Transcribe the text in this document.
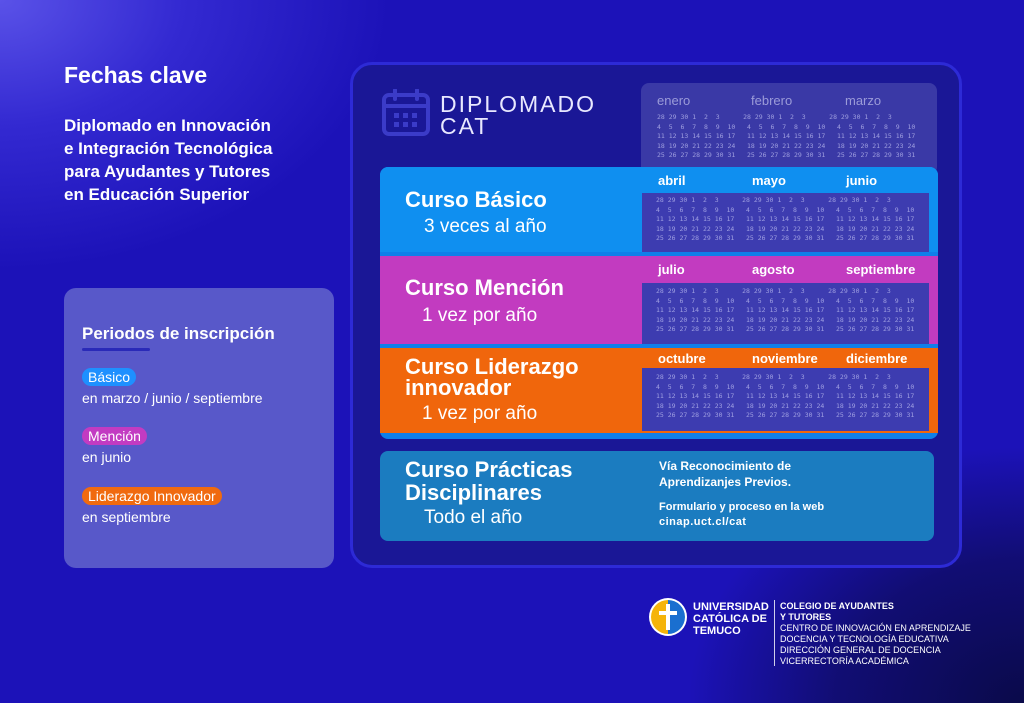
Fechas clave
Diplomado en Innovación
e Integración Tecnológica
para Ayudantes y Tutores
en Educación Superior
Periodos de inscripción
Básico
en marzo / junio / septiembre
Mención
en junio
Liderazgo Innovador
en septiembre
DIPLOMADO
CAT
enero	febrero	marzo
28 29 30 1  2  3      28 29 30 1  2  3      28 29 30 1  2  3
4  5  6  7  8  9  10   4  5  6  7  8  9  10   4  5  6  7  8  9  10
11 12 13 14 15 16 17   11 12 13 14 15 16 17   11 12 13 14 15 16 17
18 19 20 21 22 23 24   18 19 20 21 22 23 24   18 19 20 21 22 23 24
25 26 27 28 29 30 31   25 26 27 28 29 30 31   25 26 27 28 29 30 31
Curso Básico
3 veces al año
abril	mayo	junio
28 29 30 1  2  3      28 29 30 1  2  3      28 29 30 1  2  3
4  5  6  7  8  9  10   4  5  6  7  8  9  10   4  5  6  7  8  9  10
11 12 13 14 15 16 17   11 12 13 14 15 16 17   11 12 13 14 15 16 17
18 19 20 21 22 23 24   18 19 20 21 22 23 24   18 19 20 21 22 23 24
25 26 27 28 29 30 31   25 26 27 28 29 30 31   25 26 27 28 29 30 31
Curso Mención
1 vez por año
julio	agosto	septiembre
28 29 30 1  2  3      28 29 30 1  2  3      28 29 30 1  2  3
4  5  6  7  8  9  10   4  5  6  7  8  9  10   4  5  6  7  8  9  10
11 12 13 14 15 16 17   11 12 13 14 15 16 17   11 12 13 14 15 16 17
18 19 20 21 22 23 24   18 19 20 21 22 23 24   18 19 20 21 22 23 24
25 26 27 28 29 30 31   25 26 27 28 29 30 31   25 26 27 28 29 30 31
Curso Liderazgo
innovador
1 vez por año
octubre	noviembre	diciembre
28 29 30 1  2  3      28 29 30 1  2  3      28 29 30 1  2  3
4  5  6  7  8  9  10   4  5  6  7  8  9  10   4  5  6  7  8  9  10
11 12 13 14 15 16 17   11 12 13 14 15 16 17   11 12 13 14 15 16 17
18 19 20 21 22 23 24   18 19 20 21 22 23 24   18 19 20 21 22 23 24
25 26 27 28 29 30 31   25 26 27 28 29 30 31   25 26 27 28 29 30 31
Curso Prácticas
Disciplinares
Todo el año
Vía Reconocimiento de
Aprendizanjes Previos.
Formulario y proceso en la web
cinap.uct.cl/cat
UNIVERSIDAD
CATÓLICA DE
TEMUCO
COLEGIO DE AYUDANTES
Y TUTORES
CENTRO DE INNOVACIÓN EN APRENDIZAJE
DOCENCIA Y TECNOLOGÍA EDUCATIVA
DIRECCIÓN GENERAL DE DOCENCIA
VICERRECTORÍA ACADÉMICA
